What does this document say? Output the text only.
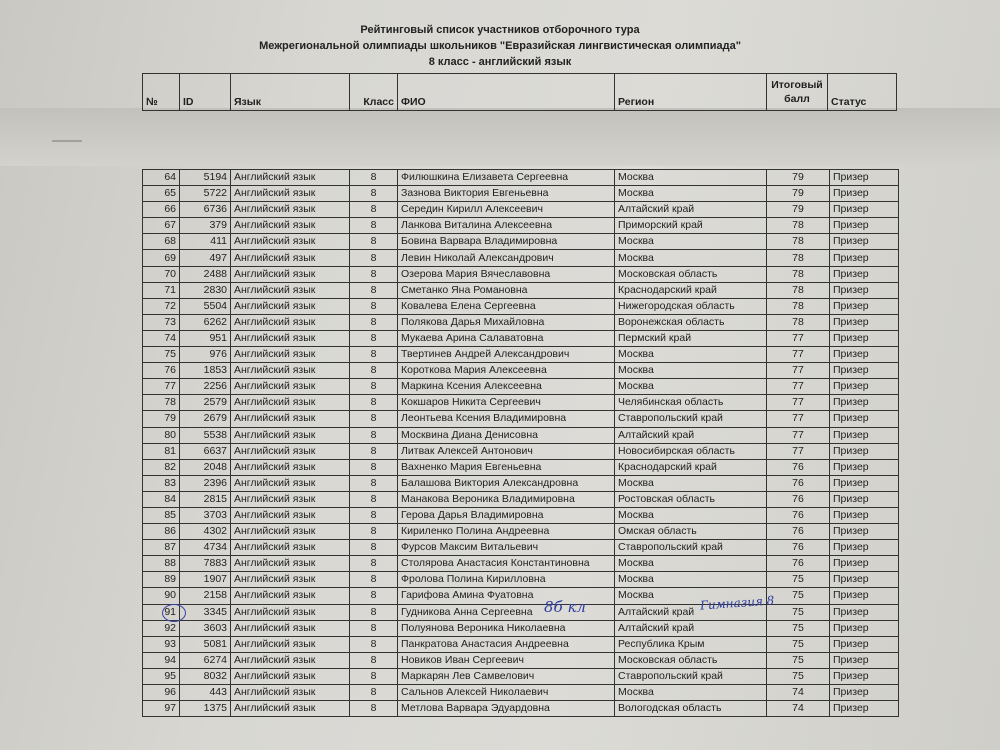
Рейтинговый список участников отборочного тура
Межрегиональной олимпиады школьников "Евразийская лингвистическая олимпиада"
8 класс - английский язык
№	ID	Язык	Класс	ФИО	Регион	Итоговый балл	Статус
64	5194	Английский язык	8	Филюшкина Елизавета Сергеевна	Москва	79	Призер
65	5722	Английский язык	8	Зазнова Виктория Евгеньевна	Москва	79	Призер
66	6736	Английский язык	8	Середин Кирилл Алексеевич	Алтайский край	79	Призер
67	379	Английский язык	8	Ланкова Виталина Алексеевна	Приморский край	78	Призер
68	411	Английский язык	8	Бовина Варвара Владимировна	Москва	78	Призер
69	497	Английский язык	8	Левин Николай Александрович	Москва	78	Призер
70	2488	Английский язык	8	Озерова Мария Вячеславовна	Московская область	78	Призер
71	2830	Английский язык	8	Сметанко Яна Романовна	Краснодарский край	78	Призер
72	5504	Английский язык	8	Ковалева Елена Сергеевна	Нижегородская область	78	Призер
73	6262	Английский язык	8	Полякова Дарья Михайловна	Воронежская область	78	Призер
74	951	Английский язык	8	Мукаева Арина Салаватовна	Пермский край	77	Призер
75	976	Английский язык	8	Твертинев Андрей Александрович	Москва	77	Призер
76	1853	Английский язык	8	Короткова Мария Алексеевна	Москва	77	Призер
77	2256	Английский язык	8	Маркина Ксения Алексеевна	Москва	77	Призер
78	2579	Английский язык	8	Кокшаров Никита Сергеевич	Челябинская область	77	Призер
79	2679	Английский язык	8	Леонтьева Ксения Владимировна	Ставропольский край	77	Призер
80	5538	Английский язык	8	Москвина Диана Денисовна	Алтайский край	77	Призер
81	6637	Английский язык	8	Литвак Алексей Антонович	Новосибирская область	77	Призер
82	2048	Английский язык	8	Вахненко Мария Евгеньевна	Краснодарский край	76	Призер
83	2396	Английский язык	8	Балашова Виктория Александровна	Москва	76	Призер
84	2815	Английский язык	8	Манакова Вероника Владимировна	Ростовская область	76	Призер
85	3703	Английский язык	8	Герова Дарья Владимировна	Москва	76	Призер
86	4302	Английский язык	8	Кириленко Полина Андреевна	Омская область	76	Призер
87	4734	Английский язык	8	Фурсов Максим Витальевич	Ставропольский край	76	Призер
88	7883	Английский язык	8	Столярова Анастасия Константиновна	Москва	76	Призер
89	1907	Английский язык	8	Фролова Полина Кирилловна	Москва	75	Призер
90	2158	Английский язык	8	Гарифова Амина Фуатовна	Москва	75	Призер
91	3345	Английский язык	8	Гудникова Анна Сергеевна	Алтайский край	75	Призер
92	3603	Английский язык	8	Полуянова Вероника Николаевна	Алтайский край	75	Призер
93	5081	Английский язык	8	Панкратова Анастасия Андреевна	Республика Крым	75	Призер
94	6274	Английский язык	8	Новиков Иван Сергеевич	Московская область	75	Призер
95	8032	Английский язык	8	Маркарян Лев Самвелович	Ставропольский край	75	Призер
96	443	Английский язык	8	Сальнов Алексей Николаевич	Москва	74	Призер
97	1375	Английский язык	8	Метлова Варвара Эдуардовна	Вологодская область	74	Призер
8б кл	Гимназия 8
